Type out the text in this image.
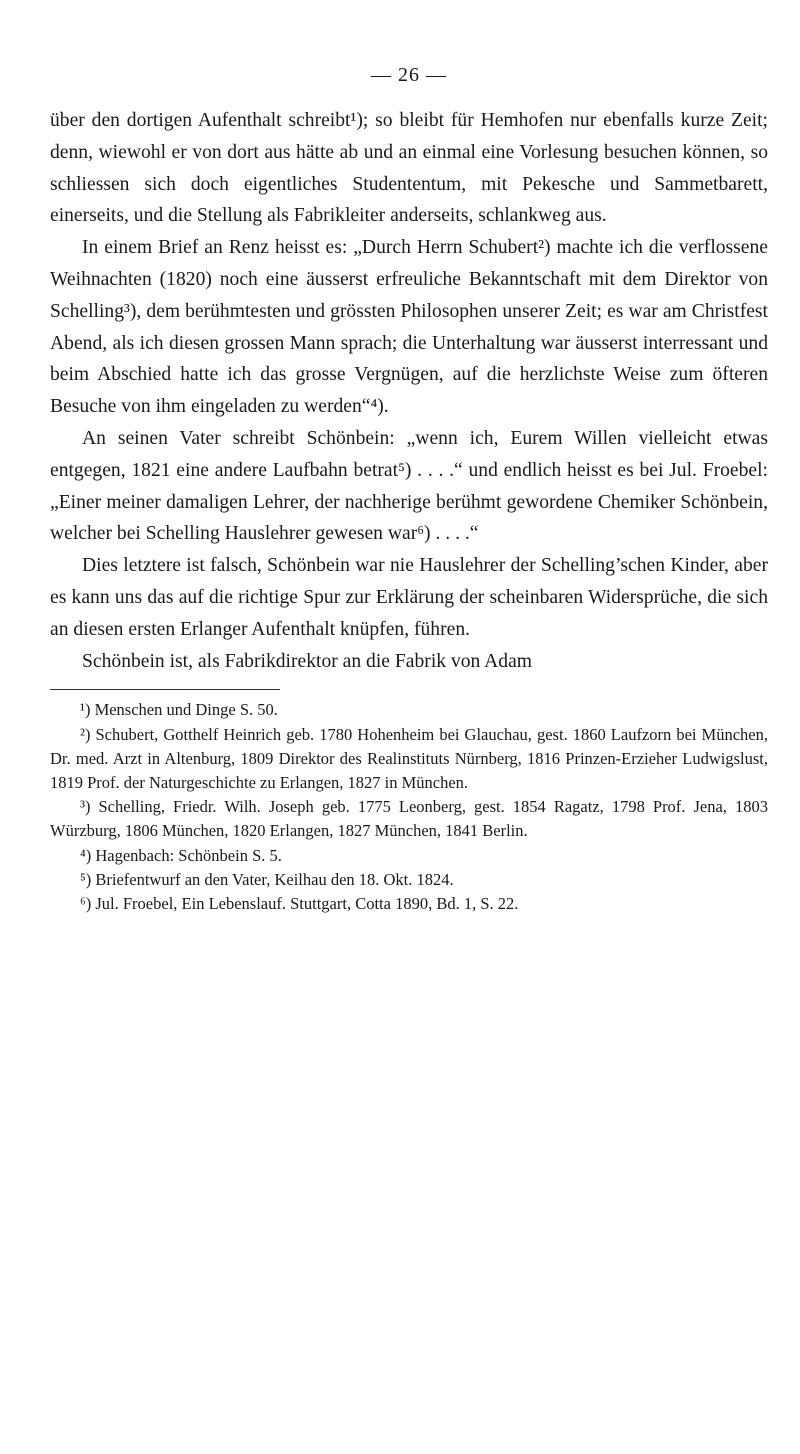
— 26 —

über den dortigen Aufenthalt schreibt¹); so bleibt für Hemhofen nur ebenfalls kurze Zeit; denn, wiewohl er von dort aus hätte ab und an einmal eine Vorlesung besuchen können, so schliessen sich doch eigentliches Studententum, mit Pekesche und Sammetbarett, einerseits, und die Stellung als Fabrikleiter anderseits, schlankweg aus.

In einem Brief an Renz heisst es: „Durch Herrn Schubert²) machte ich die verflossene Weihnachten (1820) noch eine äusserst erfreuliche Bekanntschaft mit dem Direktor von Schelling³), dem berühmtesten und grössten Philosophen unserer Zeit; es war am Christfest Abend, als ich diesen grossen Mann sprach; die Unterhaltung war äusserst interressant und beim Abschied hatte ich das grosse Vergnügen, auf die herzlichste Weise zum öfteren Besuche von ihm eingeladen zu werden“⁴).

An seinen Vater schreibt Schönbein: „wenn ich, Eurem Willen vielleicht etwas entgegen, 1821 eine andere Laufbahn betrat⁵) . . . .“ und endlich heisst es bei Jul. Froebel: „Einer meiner damaligen Lehrer, der nachherige berühmt gewordene Chemiker Schönbein, welcher bei Schelling Hauslehrer gewesen war⁶) . . . .“

Dies letztere ist falsch, Schönbein war nie Hauslehrer der Schelling’schen Kinder, aber es kann uns das auf die richtige Spur zur Erklärung der scheinbaren Widersprüche, die sich an diesen ersten Erlanger Aufenthalt knüpfen, führen.

Schönbein ist, als Fabrikdirektor an die Fabrik von Adam

¹) Menschen und Dinge S. 50.

²) Schubert, Gotthelf Heinrich geb. 1780 Hohenheim bei Glauchau, gest. 1860 Laufzorn bei München, Dr. med. Arzt in Altenburg, 1809 Direktor des Realinstituts Nürnberg, 1816 Prinzen-Erzieher Ludwigslust, 1819 Prof. der Naturgeschichte zu Erlangen, 1827 in München.

³) Schelling, Friedr. Wilh. Joseph geb. 1775 Leonberg, gest. 1854 Ragatz, 1798 Prof. Jena, 1803 Würzburg, 1806 München, 1820 Erlangen, 1827 München, 1841 Berlin.

⁴) Hagenbach: Schönbein S. 5.

⁵) Briefentwurf an den Vater, Keilhau den 18. Okt. 1824.

⁶) Jul. Froebel, Ein Lebenslauf. Stuttgart, Cotta 1890, Bd. 1, S. 22.
